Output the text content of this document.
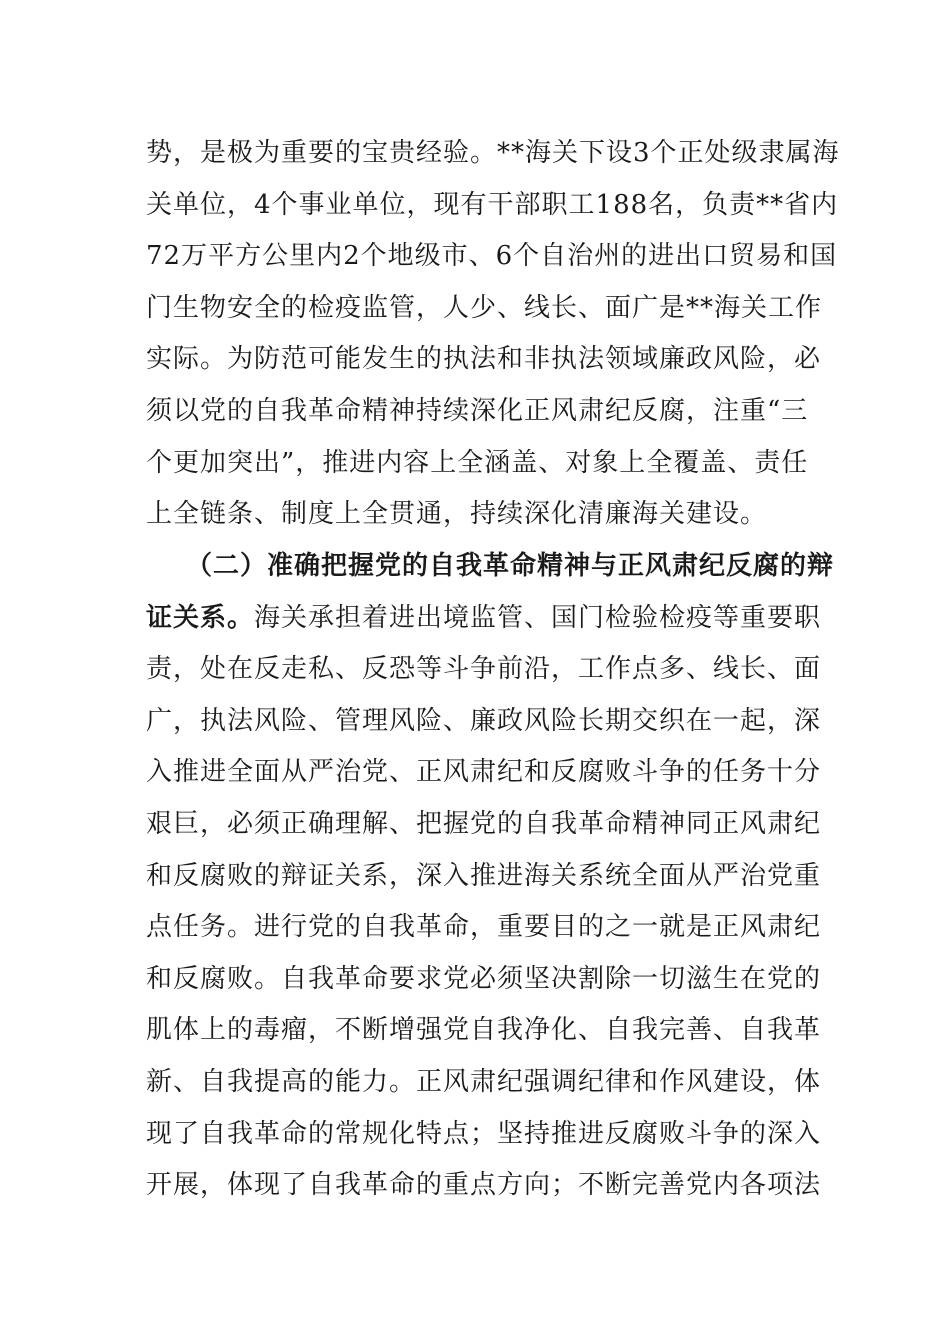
势，是极为重要的宝贵经验。**海关下设3个正处级隶属海
关单位，4个事业单位，现有干部职工188名，负责**省内
72万平方公里内2个地级市、6个自治州的进出口贸易和国
门生物安全的检疫监管，人少、线长、面广是**海关工作
实际。为防范可能发生的执法和非执法领域廉政风险，必
须以党的自我革命精神持续深化正风肃纪反腐，注重“三
个更加突出”，推进内容上全涵盖、对象上全覆盖、责任
上全链条、制度上全贯通，持续深化清廉海关建设。
（二）准确把握党的自我革命精神与正风肃纪反腐的辩
证关系。海关承担着进出境监管、国门检验检疫等重要职
责，处在反走私、反恐等斗争前沿，工作点多、线长、面
广，执法风险、管理风险、廉政风险长期交织在一起，深
入推进全面从严治党、正风肃纪和反腐败斗争的任务十分
艰巨，必须正确理解、把握党的自我革命精神同正风肃纪
和反腐败的辩证关系，深入推进海关系统全面从严治党重
点任务。进行党的自我革命，重要目的之一就是正风肃纪
和反腐败。自我革命要求党必须坚决割除一切滋生在党的
肌体上的毒瘤，不断增强党自我净化、自我完善、自我革
新、自我提高的能力。正风肃纪强调纪律和作风建设，体
现了自我革命的常规化特点；坚持推进反腐败斗争的深入
开展，体现了自我革命的重点方向；不断完善党内各项法
